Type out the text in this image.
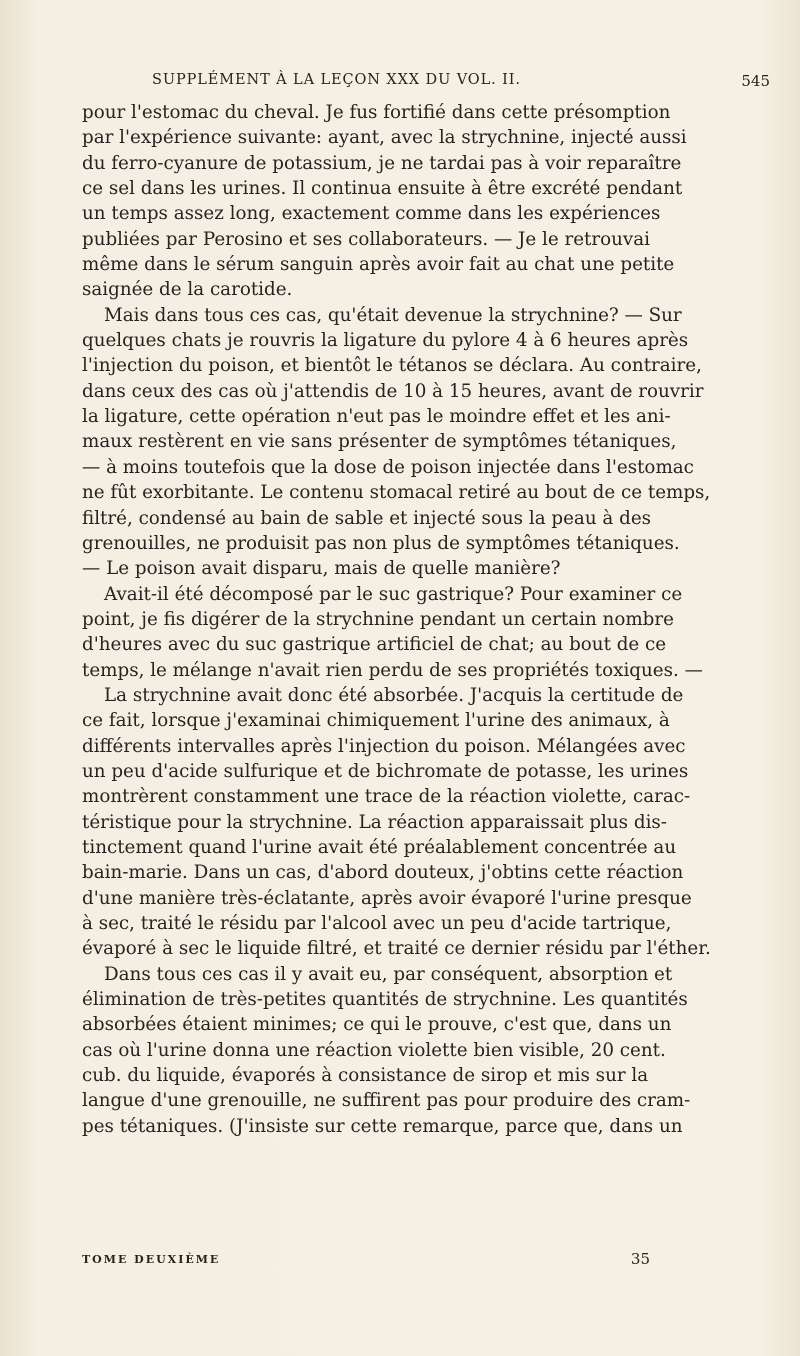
SUPPLÉMENT À LA LEÇON XXX DU VOL. II.	545
pour l'estomac du cheval. Je fus fortifié dans cette présomption
par l'expérience suivante: ayant, avec la strychnine, injecté aussi
du ferro-cyanure de potassium, je ne tardai pas à voir reparaître
ce sel dans les urines. Il continua ensuite à être excrété pendant
un temps assez long, exactement comme dans les expériences
publiées par Perosino et ses collaborateurs. — Je le retrouvai
même dans le sérum sanguin après avoir fait au chat une petite
saignée de la carotide.
Mais dans tous ces cas, qu'était devenue la strychnine? — Sur
quelques chats je rouvris la ligature du pylore 4 à 6 heures après
l'injection du poison, et bientôt le tétanos se déclara. Au contraire,
dans ceux des cas où j'attendis de 10 à 15 heures, avant de rouvrir
la ligature, cette opération n'eut pas le moindre effet et les ani-
maux restèrent en vie sans présenter de symptômes tétaniques,
— à moins toutefois que la dose de poison injectée dans l'estomac
ne fût exorbitante. Le contenu stomacal retiré au bout de ce temps,
filtré, condensé au bain de sable et injecté sous la peau à des
grenouilles, ne produisit pas non plus de symptômes tétaniques.
— Le poison avait disparu, mais de quelle manière?
Avait-il été décomposé par le suc gastrique? Pour examiner ce
point, je fis digérer de la strychnine pendant un certain nombre
d'heures avec du suc gastrique artificiel de chat; au bout de ce
temps, le mélange n'avait rien perdu de ses propriétés toxiques. —
La strychnine avait donc été absorbée. J'acquis la certitude de
ce fait, lorsque j'examinai chimiquement l'urine des animaux, à
différents intervalles après l'injection du poison. Mélangées avec
un peu d'acide sulfurique et de bichromate de potasse, les urines
montrèrent constamment une trace de la réaction violette, carac-
téristique pour la strychnine. La réaction apparaissait plus dis-
tinctement quand l'urine avait été préalablement concentrée au
bain-marie. Dans un cas, d'abord douteux, j'obtins cette réaction
d'une manière très-éclatante, après avoir évaporé l'urine presque
à sec, traité le résidu par l'alcool avec un peu d'acide tartrique,
évaporé à sec le liquide filtré, et traité ce dernier résidu par l'éther.
Dans tous ces cas il y avait eu, par conséquent, absorption et
élimination de très-petites quantités de strychnine. Les quantités
absorbées étaient minimes; ce qui le prouve, c'est que, dans un
cas où l'urine donna une réaction violette bien visible, 20 cent.
cub. du liquide, évaporés à consistance de sirop et mis sur la
langue d'une grenouille, ne suffirent pas pour produire des cram-
pes tétaniques. (J'insiste sur cette remarque, parce que, dans un
TOME DEUXIÈME	35
